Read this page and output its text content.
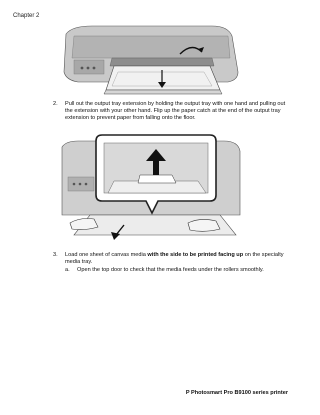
Chapter 2
2. Pull out the output tray extension by holding the output tray with one hand and pulling out the extension with your other hand. Flip up the paper catch at the end of the output tray extension to prevent paper from falling onto the floor.
3. Load one sheet of canvas media with the side to be printed facing up on the specialty media tray.
a. Open the top door to check that the media feeds under the rollers smoothly.
P Photosmart Pro B9100 series printer
